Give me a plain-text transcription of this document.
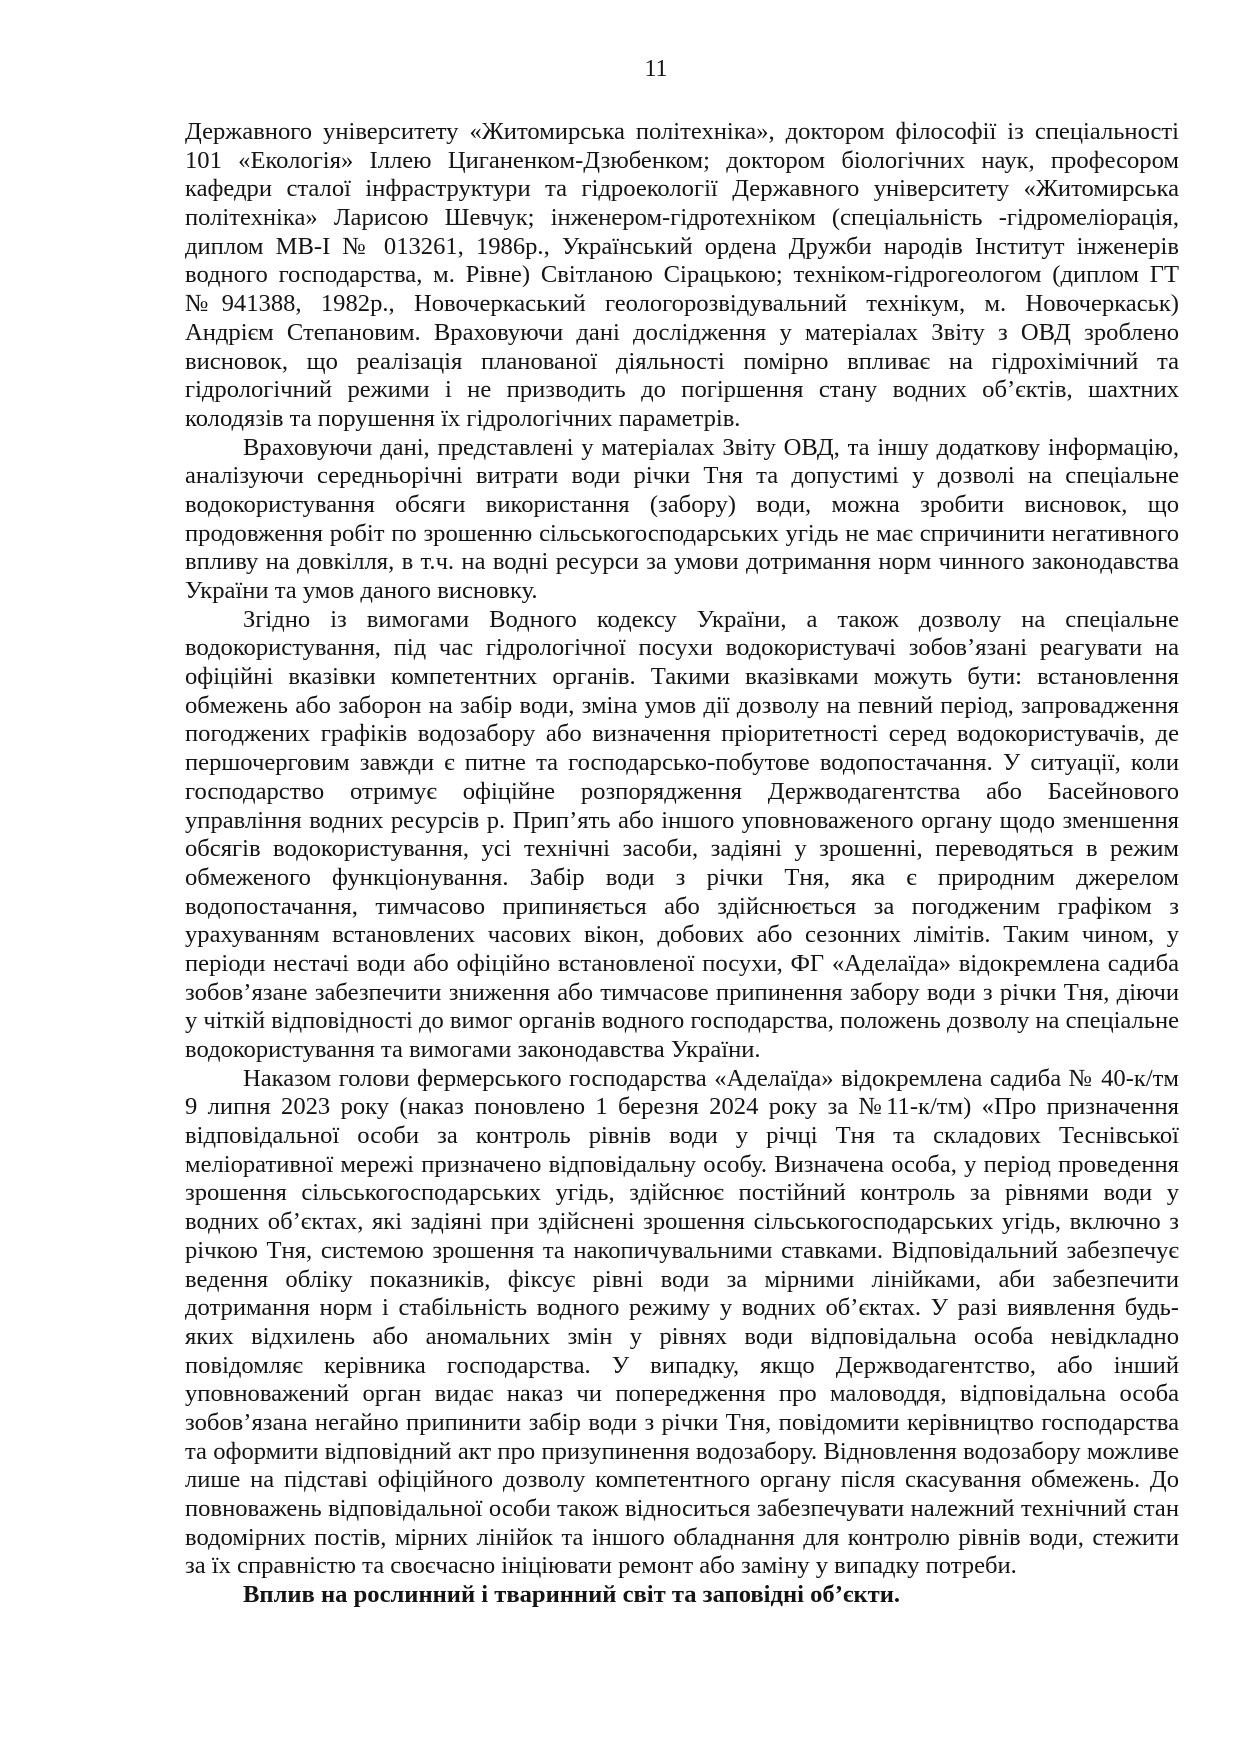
11
Державного університету «Житомирська політехніка», доктором філософії із спеціальності
101 «Екологія» Іллею Циганенком-Дзюбенком; доктором біологічних наук, професором
кафедри сталої інфраструктури та гідроекології Державного університету «Житомирська
політехніка» Ларисою Шевчук; інженером-гідротехніком (спеціальність -гідромеліорація,
диплом МВ-І № 013261, 1986р., Український ордена Дружби народів Інститут інженерів
водного господарства, м. Рівне) Світланою Сірацькою; техніком-гідрогеологом (диплом ГТ
№941388, 1982р., Новочеркаський геологорозвідувальний технікум, м. Новочеркаськ)
Андрієм Степановим. Враховуючи дані дослідження у матеріалах Звіту з ОВД зроблено
висновок, що реалізація планованої діяльності помірно впливає на гідрохімічний та
гідрологічний режими і не призводить до погіршення стану водних об’єктів, шахтних
колодязів та порушення їх гідрологічних параметрів.
Враховуючи дані, представлені у матеріалах Звіту ОВД, та іншу додаткову інформацію,
аналізуючи середньорічні витрати води річки Тня та допустимі у дозволі на спеціальне
водокористування обсяги використання (забору) води, можна зробити висновок, що
продовження робіт по зрошенню сільськогосподарських угідь не має спричинити негативного
впливу на довкілля, в т.ч. на водні ресурси за умови дотримання норм чинного законодавства
України та умов даного висновку.
Згідно із вимогами Водного кодексу України, а також дозволу на спеціальне
водокористування, під час гідрологічної посухи водокористувачі зобов’язані реагувати на
офіційні вказівки компетентних органів. Такими вказівками можуть бути: встановлення
обмежень або заборон на забір води, зміна умов дії дозволу на певний період, запровадження
погоджених графіків водозабору або визначення пріоритетності серед водокористувачів, де
першочерговим завжди є питне та господарсько-побутове водопостачання. У ситуації, коли
господарство отримує офіційне розпорядження Держводагентства або Басейнового
управління водних ресурсів р. Прип’ять або іншого уповноваженого органу щодо зменшення
обсягів водокористування, усі технічні засоби, задіяні у зрошенні, переводяться в режим
обмеженого функціонування. Забір води з річки Тня, яка є природним джерелом
водопостачання, тимчасово припиняється або здійснюється за погодженим графіком з
урахуванням встановлених часових вікон, добових або сезонних лімітів. Таким чином, у
періоди нестачі води або офіційно встановленої посухи, ФГ «Аделаїда» відокремлена садиба
зобов’язане забезпечити зниження або тимчасове припинення забору води з річки Тня, діючи
у чіткій відповідності до вимог органів водного господарства, положень дозволу на спеціальне
водокористування та вимогами законодавства України.
Наказом голови фермерського господарства «Аделаїда» відокремлена садиба № 40-к/тм
9 липня 2023 року (наказ поновлено 1 березня 2024 року за №11-к/тм) «Про призначення
відповідальної особи за контроль рівнів води у річці Тня та складових Теснівської
меліоративної мережі призначено відповідальну особу. Визначена особа, у період проведення
зрошення сільськогосподарських угідь, здійснює постійний контроль за рівнями води у
водних об’єктах, які задіяні при здійснені зрошення сільськогосподарських угідь, включно з
річкою Тня, системою зрошення та накопичувальними ставками. Відповідальний забезпечує
ведення обліку показників, фіксує рівні води за мірними лінійками, аби забезпечити
дотримання норм і стабільність водного режиму у водних об’єктах. У разі виявлення будь-
яких відхилень або аномальних змін у рівнях води відповідальна особа невідкладно
повідомляє керівника господарства. У випадку, якщо Держводагентство, або інший
уповноважений орган видає наказ чи попередження про маловоддя, відповідальна особа
зобов’язана негайно припинити забір води з річки Тня, повідомити керівництво господарства
та оформити відповідний акт про призупинення водозабору. Відновлення водозабору можливе
лише на підставі офіційного дозволу компетентного органу після скасування обмежень. До
повноважень відповідальної особи також відноситься забезпечувати належний технічний стан
водомірних постів, мірних лінійок та іншого обладнання для контролю рівнів води, стежити
за їх справністю та своєчасно ініціювати ремонт або заміну у випадку потреби.
Вплив на рослинний і тваринний світ та заповідні об’єкти.
